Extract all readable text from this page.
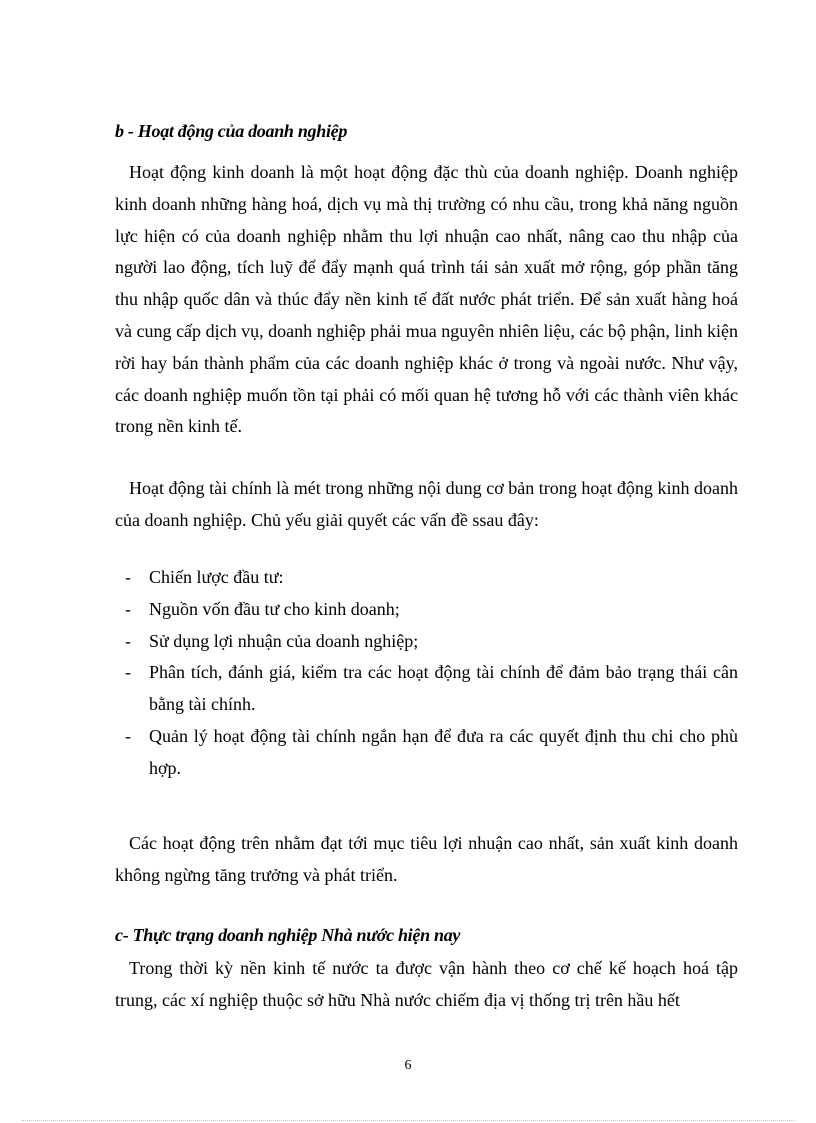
b - Hoạt động của doanh nghiệp

Hoạt động kinh doanh là một hoạt động đặc thù của doanh nghiệp. Doanh nghiệp kinh doanh những hàng hoá, dịch vụ mà thị trường có nhu cầu, trong khả năng nguồn lực hiện có của doanh nghiệp nhằm thu lợi nhuận cao nhất, nâng cao thu nhập của người lao động, tích luỹ để đẩy mạnh quá trình tái sản xuất mở rộng, góp phần tăng thu nhập quốc dân và thúc đẩy nền kinh tế đất nước phát triển. Để sản xuất hàng hoá và cung cấp dịch vụ, doanh nghiệp phải mua nguyên nhiên liệu, các bộ phận, linh kiện rời hay bán thành phẩm của các doanh nghiệp khác ở trong và ngoài nước. Như vậy, các doanh nghiệp muốn tồn tại phải có mối quan hệ tương hỗ với các thành viên khác trong nền kinh tế.

Hoạt động tài chính là mét trong những nội dung cơ bản trong hoạt động kinh doanh của doanh nghiệp. Chủ yếu giải quyết các vấn đề ssau đây:

- Chiến lược đầu tư:
- Nguồn vốn đầu tư cho kinh doanh;
- Sử dụng lợi nhuận của doanh nghiệp;
- Phân tích, đánh giá, kiểm tra các hoạt động tài chính để đảm bảo trạng thái cân bằng tài chính.
- Quản lý hoạt động tài chính ngắn hạn để đưa ra các quyết định thu chi cho phù hợp.

Các hoạt động trên nhằm đạt tới mục tiêu lợi nhuận cao nhất, sản xuất kinh doanh không ngừng tăng trưởng và phát triển.

c- Thực trạng doanh nghiệp Nhà nước hiện nay

Trong thời kỳ nền kinh tế nước ta được vận hành theo cơ chế kế hoạch hoá tập trung, các xí nghiệp thuộc sở hữu Nhà nước chiếm địa vị thống trị trên hầu hết

6
